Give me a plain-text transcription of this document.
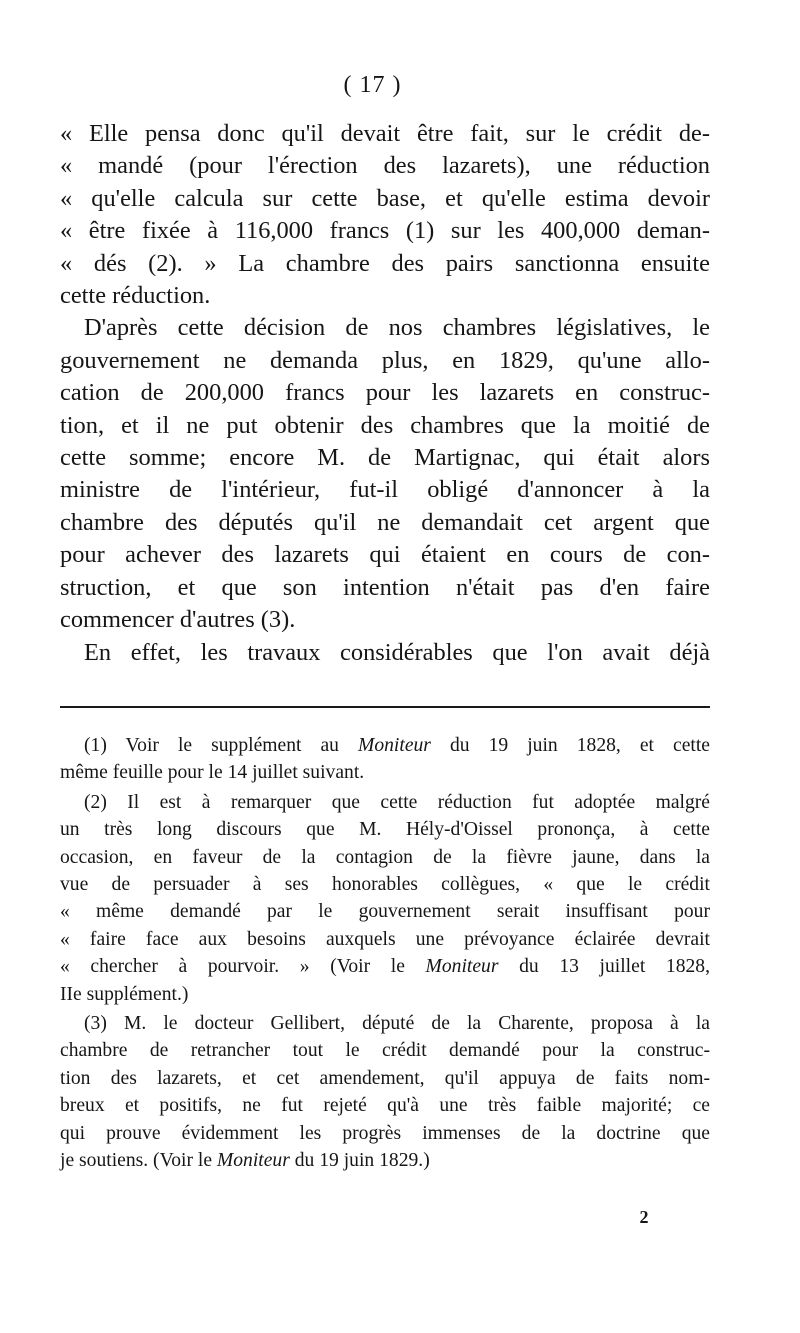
( 17 )
« Elle pensa donc qu'il devait être fait, sur le crédit de-
« mandé (pour l'érection des lazarets), une réduction
« qu'elle calcula sur cette base, et qu'elle estima devoir
« être fixée à 116,000 francs (1) sur les 400,000 deman-
« dés (2). » La chambre des pairs sanctionna ensuite
cette réduction.
D'après cette décision de nos chambres législatives, le
gouvernement ne demanda plus, en 1829, qu'une allo-
cation de 200,000 francs pour les lazarets en construc-
tion, et il ne put obtenir des chambres que la moitié de
cette somme; encore M. de Martignac, qui était alors
ministre de l'intérieur, fut-il obligé d'annoncer à la
chambre des députés qu'il ne demandait cet argent que
pour achever des lazarets qui étaient en cours de con-
struction, et que son intention n'était pas d'en faire
commencer d'autres (3).
En effet, les travaux considérables que l'on avait déjà
(1) Voir le supplément au Moniteur du 19 juin 1828, et cette
même feuille pour le 14 juillet suivant.
(2) Il est à remarquer que cette réduction fut adoptée malgré
un très long discours que M. Hély-d'Oissel prononça, à cette
occasion, en faveur de la contagion de la fièvre jaune, dans la
vue de persuader à ses honorables collègues, « que le crédit
« même demandé par le gouvernement serait insuffisant pour
« faire face aux besoins auxquels une prévoyance éclairée devrait
« chercher à pourvoir. » (Voir le Moniteur du 13 juillet 1828,
IIe supplément.)
(3) M. le docteur Gellibert, député de la Charente, proposa à la
chambre de retrancher tout le crédit demandé pour la construc-
tion des lazarets, et cet amendement, qu'il appuya de faits nom-
breux et positifs, ne fut rejeté qu'à une très faible majorité; ce
qui prouve évidemment les progrès immenses de la doctrine que
je soutiens. (Voir le Moniteur du 19 juin 1829.)
2
